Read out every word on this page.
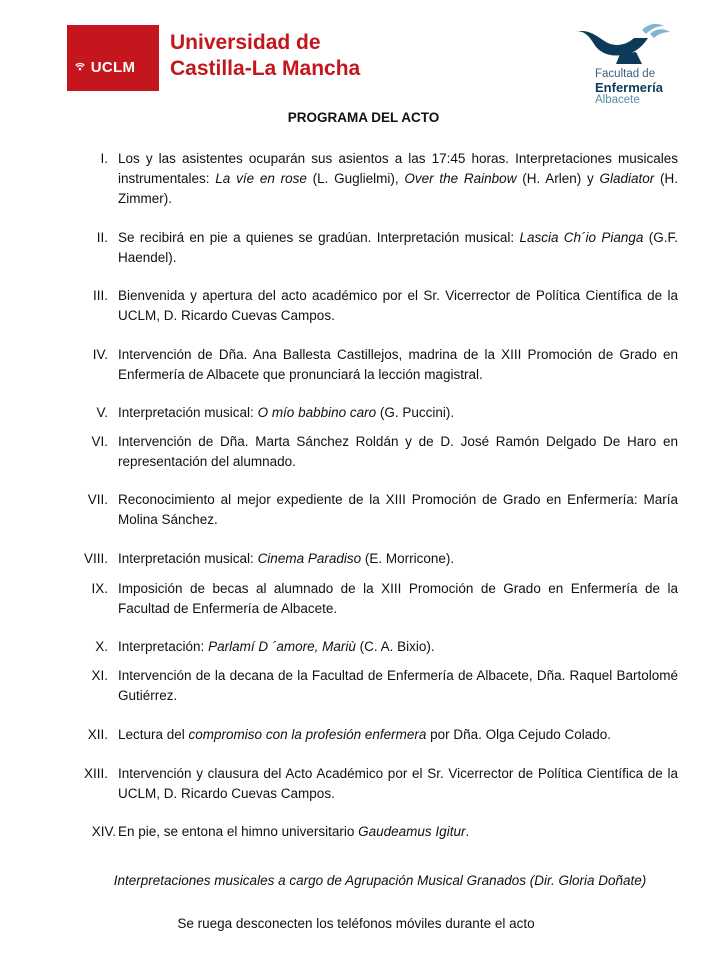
UCLM
CAMPUS DE EXCELENCIA INTERNACIONAL
Universidad de
Castilla-La Mancha	Facultad de
Enfermería
Albacete
PROGRAMA DEL ACTO
I. Los y las asistentes ocuparán sus asientos a las 17:45 horas. Interpretaciones musicales instrumentales: La víe en rose (L. Guglielmi), Over the Rainbow (H. Arlen) y Gladiator (H. Zimmer).
II. Se recibirá en pie a quienes se gradúan. Interpretación musical: Lascia Ch´io Pianga (G.F. Haendel).
III. Bienvenida y apertura del acto académico por el Sr. Vicerrector de Política Científica de la UCLM, D. Ricardo Cuevas Campos.
IV. Intervención de Dña. Ana Ballesta Castillejos, madrina de la XIII Promoción de Grado en Enfermería de Albacete que pronunciará la lección magistral.
V. Interpretación musical: O mío babbino caro (G. Puccini).
VI. Intervención de Dña. Marta Sánchez Roldán y de D. José Ramón Delgado De Haro en representación del alumnado.
VII. Reconocimiento al mejor expediente de la XIII Promoción de Grado en Enfermería: María Molina Sánchez.
VIII. Interpretación musical: Cinema Paradiso (E. Morricone).
IX. Imposición de becas al alumnado de la XIII Promoción de Grado en Enfermería de la Facultad de Enfermería de Albacete.
X. Interpretación: Parlamí D ´amore, Mariù (C. A. Bixio).
XI. Intervención de la decana de la Facultad de Enfermería de Albacete, Dña. Raquel Bartolomé Gutiérrez.
XII. Lectura del compromiso con la profesión enfermera por Dña. Olga Cejudo Colado.
XIII. Intervención y clausura del Acto Académico por el Sr. Vicerrector de Política Científica de la UCLM, D. Ricardo Cuevas Campos.
XIV. En pie, se entona el himno universitario Gaudeamus Igitur.
Interpretaciones musicales a cargo de Agrupación Musical Granados (Dir. Gloria Doñate)
Se ruega desconecten los teléfonos móviles durante el acto
